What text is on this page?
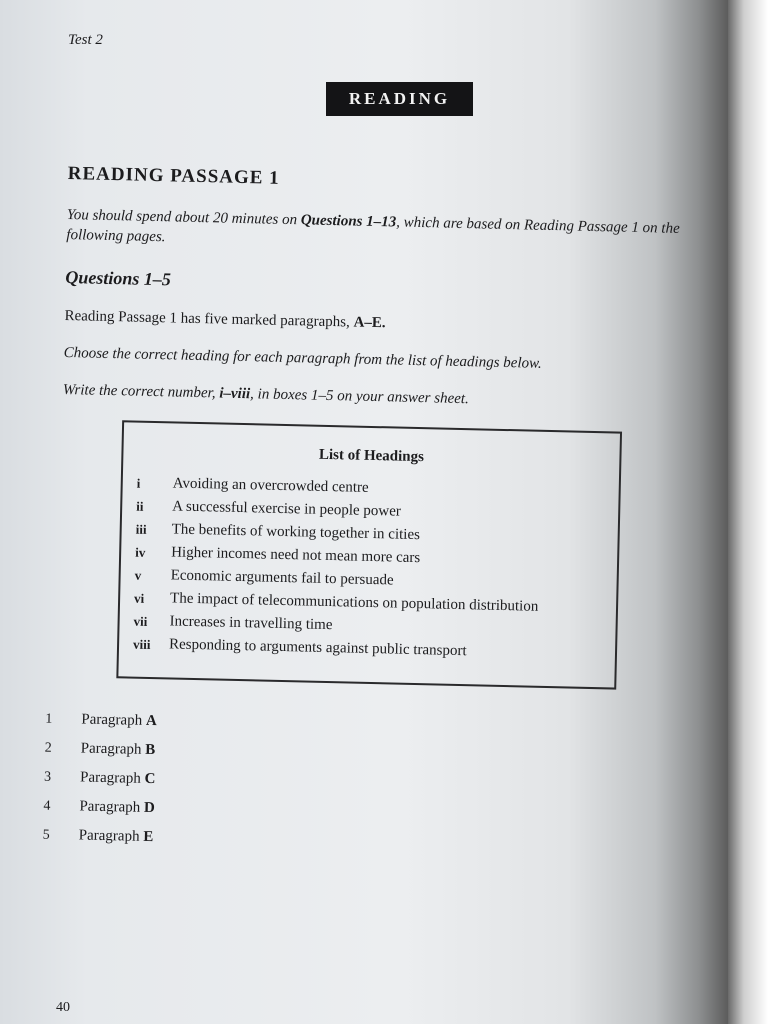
Test 2
READING
READING PASSAGE 1

You should spend about 20 minutes on Questions 1–13, which are based on Reading Passage 1 on the following pages.

Questions 1–5

Reading Passage 1 has five marked paragraphs, A–E.

Choose the correct heading for each paragraph from the list of headings below.

Write the correct number, i–viii, in boxes 1–5 on your answer sheet.

List of Headings
i	Avoiding an overcrowded centre
ii	A successful exercise in people power
iii	The benefits of working together in cities
iv	Higher incomes need not mean more cars
v	Economic arguments fail to persuade
vi	The impact of telecommunications on population distribution
vii	Increases in travelling time
viii	Responding to arguments against public transport
1	Paragraph A
2	Paragraph B
3	Paragraph C
4	Paragraph D
5	Paragraph E
40
